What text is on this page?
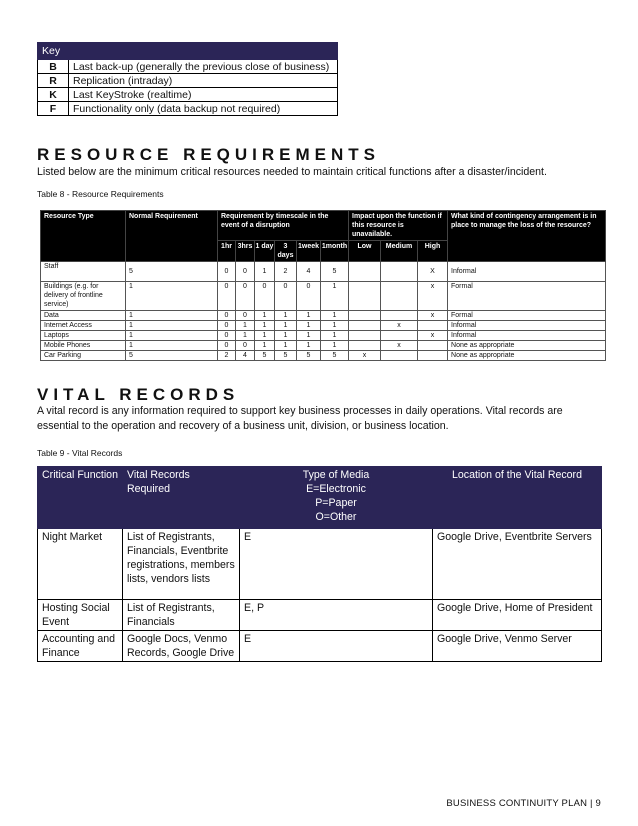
Key	
B	Last back-up (generally the previous close of business)
R	Replication (intraday)
K	Last KeyStroke (realtime)
F	Functionality only (data backup not required)
RESOURCE REQUIREMENTS

Listed below are the minimum critical resources needed to maintain critical functions after a disaster/incident.

Table 8 - Resource Requirements

Resource Type	Normal Requirement	Requirement by timescale in the event of a disruption						Impact upon the function if this resource is unavailable.			What kind of contingency arrangement is in place to manage the loss of the resource?
		1hr	3hrs	1 day	3 days	1week	1month	Low	Medium	High	
Staff	5	0	0	1	2	4	5			X	Informal
Buildings (e.g. for delivery of frontline service)	1	0	0	0	0	0	1			x	Formal
Data	1	0	0	1	1	1	1			x	Formal
Internet Access	1	0	1	1	1	1	1		x		Informal
Laptops	1	0	1	1	1	1	1			x	Informal
Mobile Phones	1	0	0	1	1	1	1		x		None as appropriate
Car Parking	5	2	4	5	5	5	5	x			None as appropriate
VITAL RECORDS

A vital record is any information required to support key business processes in daily operations. Vital records are essential to the operation and recovery of a business unit, division, or business location.

Table 9 - Vital Records

Critical Function	Vital Records Required	Type of Media
E=Electronic
P=Paper
O=Other	Location of the Vital Record
Night Market	List of Registrants, Financials, Eventbrite registrations, members lists, vendors lists	E	Google Drive, Eventbrite Servers
Hosting Social Event	List of Registrants, Financials	E, P	Google Drive, Home of President
Accounting and Finance	Google Docs, Venmo Records, Google Drive	E	Google Drive, Venmo Server

BUSINESS CONTINUITY PLAN | 9
